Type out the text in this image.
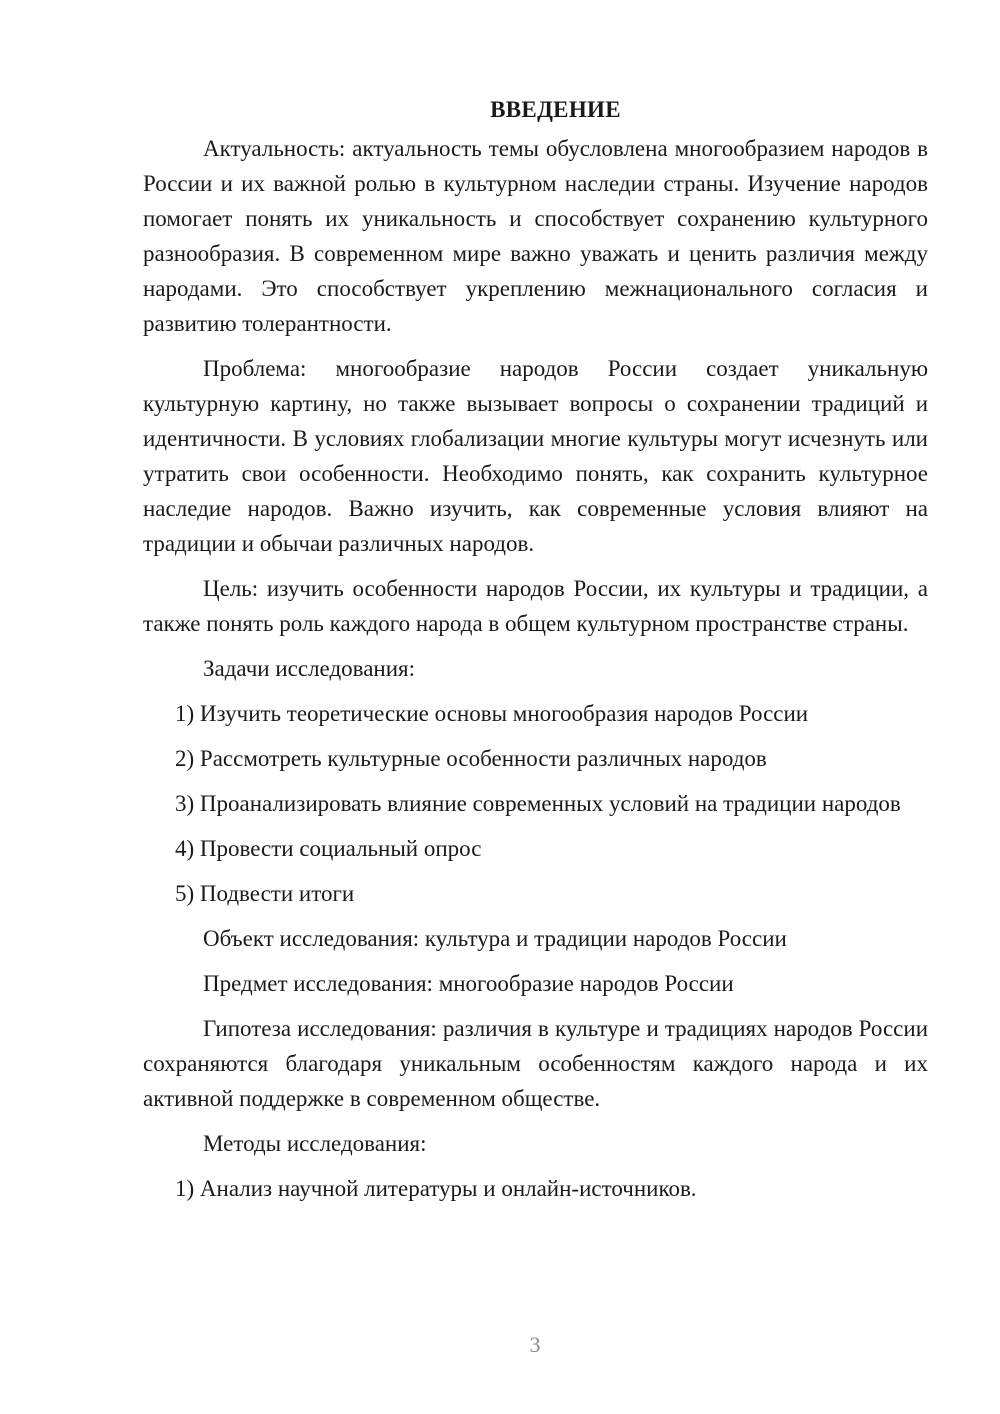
ВВЕДЕНИЕ

Актуальность: актуальность темы обусловлена многообразием народов в России и их важной ролью в культурном наследии страны. Изучение народов помогает понять их уникальность и способствует сохранению культурного разнообразия. В современном мире важно уважать и ценить различия между народами. Это способствует укреплению межнационального согласия и развитию толерантности.

Проблема: многообразие народов России создает уникальную культурную картину, но также вызывает вопросы о сохранении традиций и идентичности. В условиях глобализации многие культуры могут исчезнуть или утратить свои особенности. Необходимо понять, как сохранить культурное наследие народов. Важно изучить, как современные условия влияют на традиции и обычаи различных народов.

Цель: изучить особенности народов России, их культуры и традиции, а также понять роль каждого народа в общем культурном пространстве страны.

Задачи исследования:

1) Изучить теоретические основы многообразия народов России

2) Рассмотреть культурные особенности различных народов

3) Проанализировать влияние современных условий на традиции народов

4) Провести социальный опрос

5) Подвести итоги

Объект исследования: культура и традиции народов России

Предмет исследования: многообразие народов России

Гипотеза исследования: различия в культуре и традициях народов России сохраняются благодаря уникальным особенностям каждого народа и их активной поддержке в современном обществе.

Методы исследования:

1) Анализ научной литературы и онлайн-источников.

3
